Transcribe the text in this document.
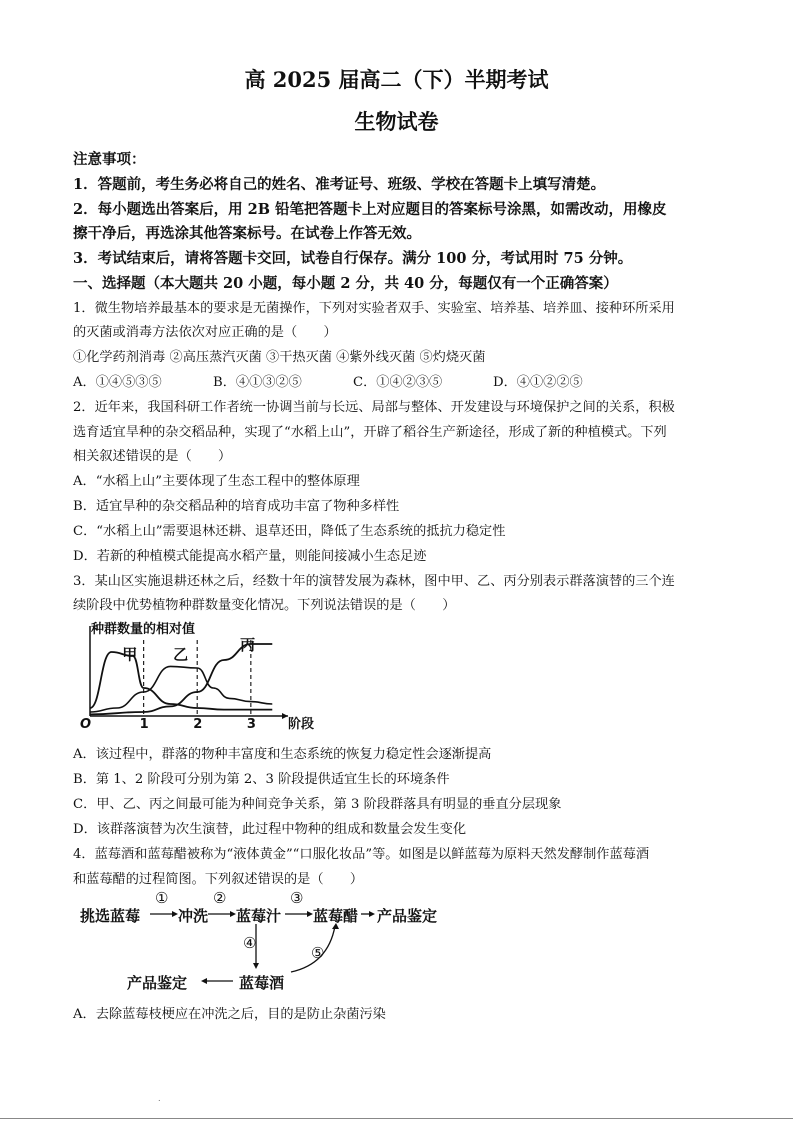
高 2025 届高二（下）半期考试
生物试卷
注意事项：
1．答题前，考生务必将自己的姓名、准考证号、班级、学校在答题卡上填写清楚。
2．每小题选出答案后，用 2B 铅笔把答题卡上对应题目的答案标号涂黑，如需改动，用橡皮
擦干净后，再选涂其他答案标号。在试卷上作答无效。
3．考试结束后，请将答题卡交回，试卷自行保存。满分 100 分，考试用时 75 分钟。
一、选择题（本大题共 20 小题，每小题 2 分，共 40 分，每题仅有一个正确答案）
1．微生物培养最基本的要求是无菌操作，下列对实验者双手、实验室、培养基、培养皿、接种环所采用
的灭菌或消毒方法依次对应正确的是（　　）
①化学药剂消毒 ②高压蒸汽灭菌 ③干热灭菌 ④紫外线灭菌 ⑤灼烧灭菌
A．①④⑤③⑤	B．④①③②⑤	C．①④②③⑤	D．④①②②⑤
2．近年来，我国科研工作者统一协调当前与长远、局部与整体、开发建设与环境保护之间的关系，积极
选育适宜旱种的杂交稻品种，实现了“水稻上山”，开辟了稻谷生产新途径，形成了新的种植模式。下列
相关叙述错误的是（　　）
A．“水稻上山”主要体现了生态工程中的整体原理
B．适宜旱种的杂交稻品种的培育成功丰富了物种多样性
C．“水稻上山”需要退林还耕、退草还田，降低了生态系统的抵抗力稳定性
D．若新的种植模式能提高水稻产量，则能间接减小生态足迹
3．某山区实施退耕还林之后，经数十年的演替发展为森林，图中甲、乙、丙分别表示群落演替的三个连
续阶段中优势植物种群数量变化情况。下列说法错误的是（　　）
种群数量的相对值
O	阶段
1	2	3
甲 乙
丙
A．该过程中，群落的物种丰富度和生态系统的恢复力稳定性会逐渐提高
B．第 1、2 阶段可分别为第 2、3 阶段提供适宜生长的环境条件
C．甲、乙、丙之间最可能为种间竞争关系，第 3 阶段群落具有明显的垂直分层现象
D．该群落演替为次生演替，此过程中物种的组成和数量会发生变化
4．蓝莓酒和蓝莓醋被称为“液体黄金”“口服化妆品”等。如图是以鲜蓝莓为原料天然发酵制作蓝莓酒
和蓝莓醋的过程简图。下列叙述错误的是（　　）
挑选蓝莓	冲洗 蓝莓汁 蓝莓醋 产品鉴定
蓝莓酒
产品鉴定
①	②	③
④
⑤
A．去除蓝莓枝梗应在冲洗之后，目的是防止杂菌污染
.
